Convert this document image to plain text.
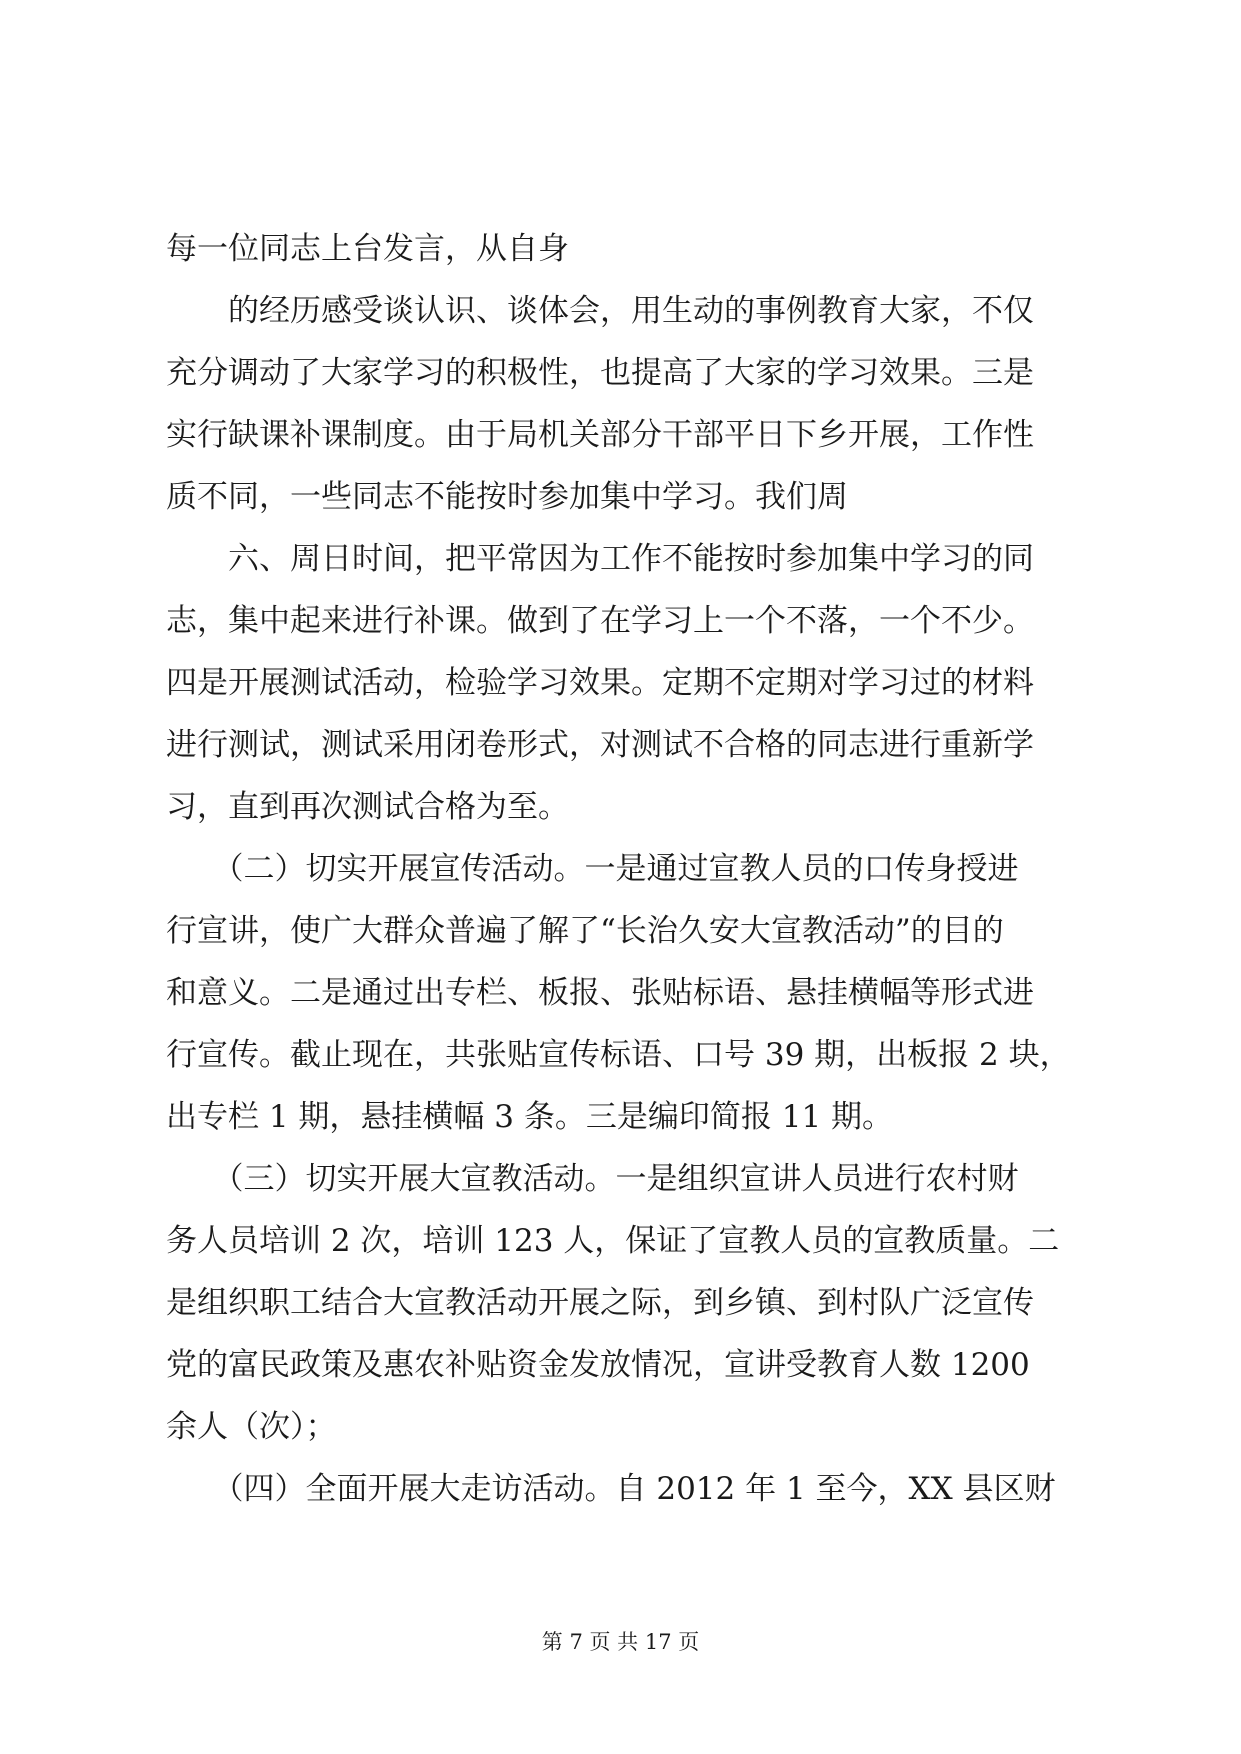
每一位同志上台发言，从自身
　　的经历感受谈认识、谈体会，用生动的事例教育大家，不仅
充分调动了大家学习的积极性，也提高了大家的学习效果。三是
实行缺课补课制度。由于局机关部分干部平日下乡开展，工作性
质不同，一些同志不能按时参加集中学习。我们周
　　六、周日时间，把平常因为工作不能按时参加集中学习的同
志，集中起来进行补课。做到了在学习上一个不落，一个不少。
四是开展测试活动，检验学习效果。定期不定期对学习过的材料
进行测试，测试采用闭卷形式，对测试不合格的同志进行重新学
习，直到再次测试合格为至。
　　（二）切实开展宣传活动。一是通过宣教人员的口传身授进
行宣讲，使广大群众普遍了解了“长治久安大宣教活动”的目的
和意义。二是通过出专栏、板报、张贴标语、悬挂横幅等形式进
行宣传。截止现在，共张贴宣传标语、口号 39 期，出板报 2 块，
出专栏 1 期，悬挂横幅 3 条。三是编印简报 11 期。
　　（三）切实开展大宣教活动。一是组织宣讲人员进行农村财
务人员培训 2 次，培训 123 人，保证了宣教人员的宣教质量。二
是组织职工结合大宣教活动开展之际，到乡镇、到村队广泛宣传
党的富民政策及惠农补贴资金发放情况，宣讲受教育人数 1200
余人（次）；
　　（四）全面开展大走访活动。自 2012 年 1 至今，XX 县区财
第 7 页 共 17 页
